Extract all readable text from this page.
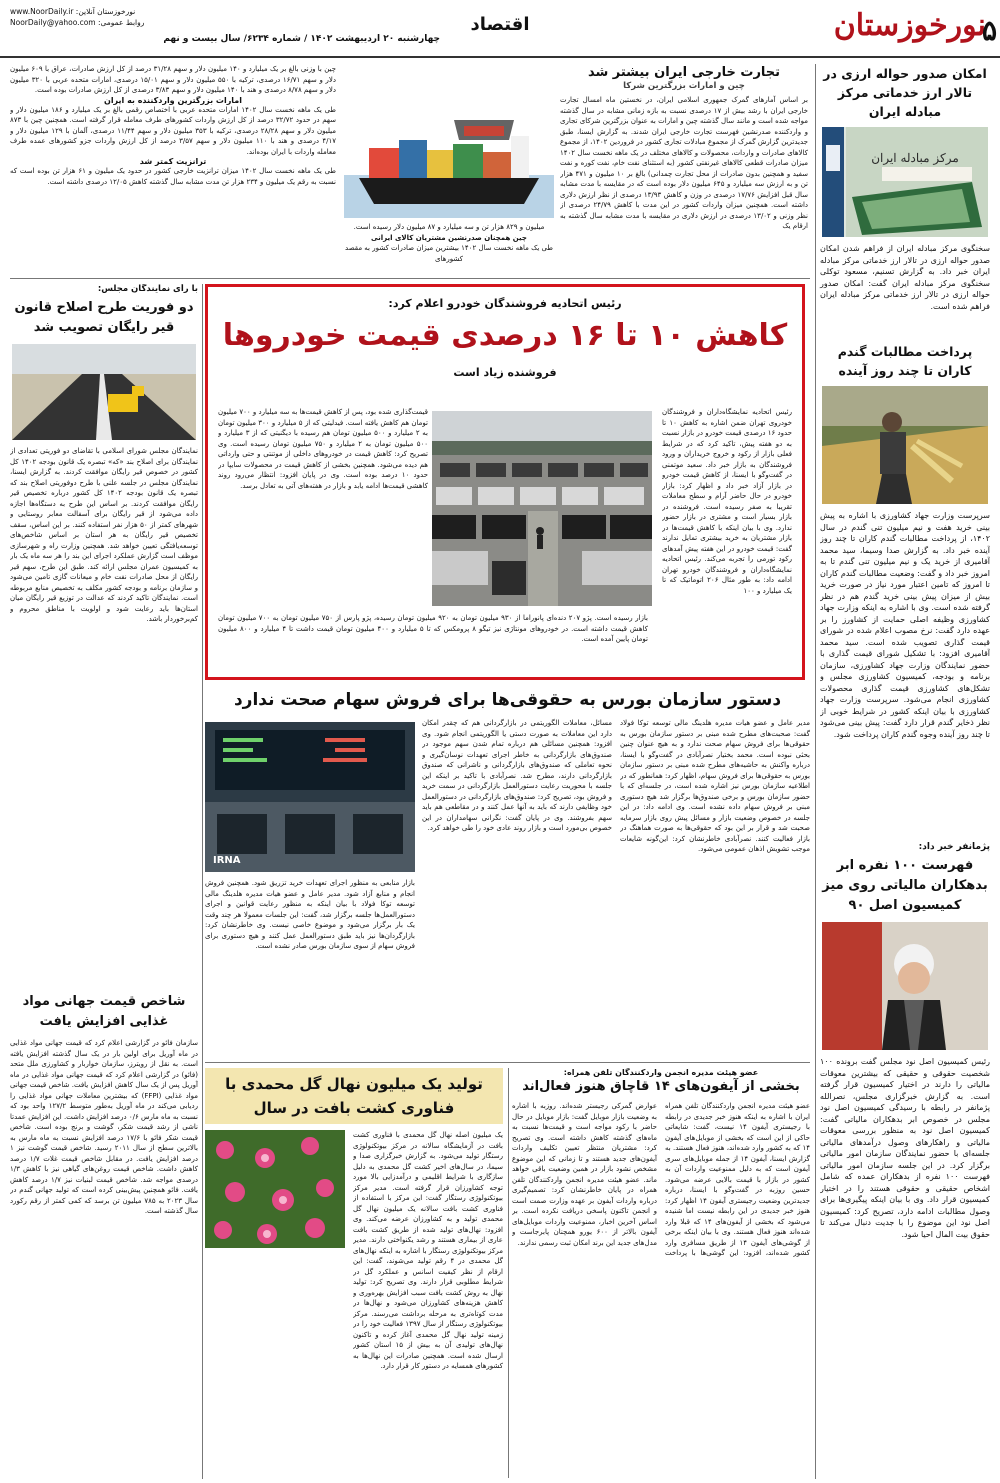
نورخوزستان
اقتصاد
چهارشنبه ۲۰ اردیبهشت ۱۴۰۲ / شماره ۶۲۳۴/ سال بیست و نهم
www.NoorDaily.ir :نورخوزستان آنلاین
NoorDaily@yahoo.com :روابط عمومی	۵
امکان صدور حواله ارزی در تالار ارز خدماتی مرکز مبادله ایران
مرکز مبادله ایران
سخنگوی مرکز مبادله ایران از فراهم شدن امکان صدور حواله ارزی در تالار ارز خدماتی مرکز مبادله ایران خبر داد. به گزارش تسنیم، مسعود توکلی سخنگوی مرکز مبادله ایران گفت: امکان صدور حواله ارزی در تالار ارز خدماتی مرکز مبادله ایران فراهم شده است.
تجارت خارجی ایران بیشتر شد
چین و امارات بزرگترین شرکا
بر اساس آمارهای گمرک جمهوری اسلامی ایران، در نخستین ماه امسال تجارت خارجی ایران با رشد بیش از ۱۷ درصدی نسبت به بازه زمانی مشابه در سال گذشته مواجه شده است و مانند سال گذشته چین و امارات به عنوان بزرگترین شرکای تجاری و واردکننده صدرنشین فهرست تجارت خارجی ایران شدند. به گزارش ایسنا، طبق جدیدترین گزارش گمرک از مجموع مبادلات تجاری کشور در فروردین ۱۴۰۲، از مجموع کالاهای صادرات و واردات، محصولات و کالاهای مختلف در یک ماهه نخست سال ۱۴۰۲ میزان صادرات قطعی کالاهای غیرنفتی کشور (به استثنای نفت خام، نفت کوره و نفت سفید و همچنین بدون صادرات از محل تجارت چمدانی) بالغ بر ۱۰ میلیون و ۴۷۱ هزار تن و به ارزش سه میلیارد و ۶۴۵ میلیون دلار بوده است که در مقایسه با مدت مشابه سال قبل افزایش ۱۷/۷۶ درصدی در وزن و کاهش ۱۳/۹۳ درصدی از نظر ارزش دلاری داشته است. همچنین میزان واردات کشور در این مدت با کاهش ۲۴/۷۹ درصدی از نظر وزنی و ۱۳/۰۲ درصدی در ارزش دلاری در مقایسه با مدت مشابه سال گذشته به ارقام یک
میلیون و ۸۲۹ هزار تن و سه میلیارد و ۸۷ میلیون دلار رسیده است.
چین همچنان صدرنشین مشتریان کالای ایرانی
طی یک ماهه نخست سال ۱۴۰۲ بیشترین میزان صادرات کشور به مقصد کشورهای
چین با وزنی بالغ بر یک میلیارد و ۱۴۰ میلیون دلار و سهم ۳۱/۲۸ درصد از کل ارزش صادرات، عراق با ۶۰۹ میلیون دلار و سهم ۱۶/۷۱ درصدی، ترکیه با ۵۵۰ میلیون دلار و سهم ۱۵/۰۱ درصدی، امارات متحده عربی با ۳۲۰ میلیون دلار و سهم ۸/۷۸ درصدی و هند با ۱۴۰ میلیون دلار و سهم ۳/۸۳ درصدی از کل ارزش صادرات بوده است.
امارات بزرگترین واردکننده به ایران
طی یک ماهه نخست سال ۱۴۰۲ امارات متحده عربی با اختصاص رقمی بالغ بر یک میلیارد و ۱۸۶ میلیون دلار و سهم در حدود ۳۲/۷۲ درصد از کل ارزش واردات کشورهای طرف معامله قرار گرفته است. همچنین چین با ۸۷۳ میلیون دلار و سهم ۲۸/۲۸ درصدی، ترکیه با ۳۵۳ میلیون دلار و سهم ۱۱/۴۴ درصدی، آلمان با ۱۲۹ میلیون دلار و ۴/۱۷ درصدی و هند با ۱۱۰ میلیون دلار و سهم ۳/۵۷ درصد از کل ارزش واردات جزو کشورهای عمده طرف معامله واردات با ایران بوده‌اند.
ترانزیت کمتر شد
طی یک ماهه نخست سال ۱۴۰۲ میزان ترانزیت خارجی کشور در حدود یک میلیون و ۶۱ هزار تن بوده است که نسبت به رقم یک میلیون و ۲۳۴ هزار تن مدت مشابه سال گذشته کاهش ۱۲/۰۵ درصدی داشته است.
پرداخت مطالبات گندم کاران تا چند روز آینده
سرپرست وزارت جهاد کشاورزی با اشاره به پیش بینی خرید هفت و نیم میلیون تنی گندم در سال ۱۴۰۲، از پرداخت مطالبات گندم کاران تا چند روز آینده خبر داد. به گزارش صدا وسیما، سید محمد آقامیری از خرید یک و نیم میلیون تنی گندم تا به امروز خبر داد و گفت: وضعیت مطالبات گندم کاران تا امروز که تامین اعتبار مورد نیاز در صورت خرید بیش از میزان پیش بینی خرید گندم هم در نظر گرفته شده است. وی با اشاره به اینکه وزارت جهاد کشاورزی وظیفه اصلی حمایت از کشاورز را بر عهده دارد گفت: نرخ مصوب اعلام شده در شورای قیمت گذاری تصویب شده است. سید محمد آقامیری افزود: با تشکیل شورای قیمت گذاری با حضور نمایندگان وزارت جهاد کشاورزی، سازمان برنامه و بودجه، کمیسیون کشاورزی مجلس و تشکل‌های کشاورزی قیمت گذاری محصولات کشاورزی انجام می‌شود. سرپرست وزارت جهاد کشاورزی با بیان اینکه کشور در شرایط خوبی از نظر ذخایر گندم قرار دارد گفت: پیش بینی می‌شود تا چند روز آینده وجوه گندم کاران پرداخت شود.
پژمانفر خبر داد:
فهرست ۱۰۰ نفره ابر بدهکاران مالیاتی روی میز کمیسیون اصل ۹۰
رئیس کمیسیون اصل نود مجلس گفت برونده ۱۰۰ شخصیت حقوقی و حقیقی که بیشترین معوقات مالیاتی را دارند در اختیار کمیسیون قرار گرفته است. به گزارش خبرگزاری مجلس، نصرالله پژمانفر در رابطه با رسیدگی کمیسیون اصل نود مجلس در خصوص ابر بدهکاران مالیاتی گفت: کمیسیون اصل نود به منظور بررسی معوقات مالیاتی و راهکارهای وصول درآمدهای مالیاتی جلسه‌ای با حضور نمایندگان سازمان امور مالیاتی برگزار کرد. در این جلسه سازمان امور مالیاتی فهرست ۱۰۰ نفره از بدهکاران عمده که شامل اشخاص حقیقی و حقوقی هستند را در اختیار کمیسیون قرار داد. وی با بیان اینکه پیگیری‌ها برای وصول مطالبات ادامه دارد، تصریح کرد: کمیسیون اصل نود این موضوع را با جدیت دنبال می‌کند تا حقوق بیت المال احیا شود.
رئیس اتحادیه فروشندگان خودرو اعلام کرد:
کاهش ۱۰ تا ۱۶ درصدی قیمت خودروها
فروشنده زیاد است
رئیس اتحادیه نمایشگاه‌داران و فروشندگان خودروی تهران ضمن اشاره به کاهش ۱۰ تا حدود ۱۶ درصدی قیمت خودرو در بازار نسبت به دو هفته پیش، تاکید کرد که در شرایط فعلی بازار از رکود و خروج خریداران و ورود فروشندگان به بازار خبر داد. سعید موتمنی در گفت‌وگو با ایسنا، از کاهش قیمت خودرو در بازار آزاد خبر داد و اظهار کرد: بازار خودرو در حال حاضر آرام و سطح معاملات تقریبا به صفر رسیده است. فروشنده در بازار بسیار است و مشتری در بازار حضور ندارد. وی با بیان اینکه با کاهش قیمت‌ها در بازار مشتریان به خرید بیشتری تمایل ندارند گفت: قیمت خودرو در این هفته پیش آمدهای رکود تورمی را تجربه می‌کند. رئیس اتحادیه نمایشگاه‌داران و فروشندگان خودرو تهران ادامه داد: به طور مثال ۲۰۶ اتوماتیک که تا یک میلیارد و ۱۰۰
قیمت‌گذاری شده بود، پس از کاهش قیمت‌ها به سه میلیارد و ۷۰۰ میلیون تومان هم کاهش یافته است. فیدلیتی که از ۵ میلیارد و ۳۰۰ میلیون تومان به ۲ میلیارد و ۵۰۰ میلیون تومان هم رسیده با دیگنیتی که از ۳ میلیارد و ۵۰۰ میلیون تومان به ۲ میلیارد و ۷۵۰ میلیون تومان رسیده است. وی تصریح کرد: کاهش قیمت در خودروهای داخلی از موتنتی و حتی وارداتی هم دیده می‌شود. همچنین بخشی از کاهش قیمت در محصولات سایپا در حدود ۱۰ درصد بوده است. وی در پایان افزود: انتظار می‌رود روند کاهشی قیمت‌ها ادامه یابد و بازار در هفته‌های آتی به تعادل برسد.
بازار رسیده است. پژو ۲۰۷ دنده‌ای پانوراما از ۹۳۰ میلیون تومان به ۹۲۰ میلیون تومان رسیده، پژو پارس از ۷۵۰ میلیون تومان به ۷۰۰ میلیون تومان کاهش قیمت داشته است. در خودروهای مونتاژی نیز تیگو ۸ پرومکس که تا ۵ میلیارد و ۴۰۰ میلیون تومان قیمت داشت تا ۴ میلیارد و ۸۰۰ میلیون تومان پایین آمده است.
با رأی نمایندگان مجلس:
دو فوریت طرح اصلاح قانون قیر رایگان تصویب شد
نمایندگان مجلس شورای اسلامی با تقاضای دو فوریتی تعدادی از نمایندگان برای اصلاح بند «که» تبصره یک قانون بودجه ۱۴۰۲ کل کشور در خصوص قیر رایگان موافقت کردند. به گزارش ایسنا، نمایندگان مجلس در جلسه علنی با طرح دوفوریتی اصلاح بند که تبصره یک قانون بودجه ۱۴۰۲ کل کشور درباره تخصیص قیر رایگان موافقت کردند. بر اساس این طرح به دستگاه‌ها اجازه داده می‌شود از قیر رایگان برای آسفالت معابر روستایی و شهرهای کمتر از ۵۰ هزار نفر استفاده کنند. بر این اساس، سقف تخصیص قیر رایگان به هر استان بر اساس شاخص‌های توسعه‌یافتگی تعیین خواهد شد. همچنین وزارت راه و شهرسازی موظف است گزارش عملکرد اجرای این بند را هر سه ماه یک بار به کمیسیون عمران مجلس ارائه کند. طبق این طرح، سهم قیر رایگان از محل صادرات نفت خام و میعانات گازی تامین می‌شود و سازمان برنامه و بودجه کشور مکلف به تخصیص منابع مربوطه است. نمایندگان تاکید کردند که عدالت در توزیع قیر رایگان میان استان‌ها باید رعایت شود و اولویت با مناطق محروم و کم‌برخوردار باشد.
شاخص قیمت جهانی مواد غذایی افزایش یافت
سازمان فائو در گزارشی اعلام کرد که قیمت جهانی مواد غذایی در ماه آوریل برای اولین بار در یک سال گذشته افزایش یافته است. به نقل از رویترز، سازمان خواربار و کشاورزی ملل متحد (فائو) در گزارشی اعلام کرد که قیمت جهانی مواد غذایی در ماه آوریل پس از یک سال کاهش افزایش یافت. شاخص قیمت جهانی مواد غذایی (FFPI) که بیشترین معاملات جهانی مواد غذایی را ردیابی می‌کند در ماه آوریل به‌طور متوسط ۱۲۷/۲ واحد بود که نسبت به ماه مارس ۰/۶ درصد افزایش داشت. این افزایش عمدتا ناشی از رشد قیمت شکر، گوشت و برنج بوده است. شاخص قیمت شکر فائو با ۱۷/۶ درصد افزایش نسبت به ماه مارس به بالاترین سطح از سال ۲۰۱۱ رسید. شاخص قیمت گوشت نیز ۱ درصد افزایش یافت. در مقابل شاخص قیمت غلات ۱/۷ درصد کاهش داشت. شاخص قیمت روغن‌های گیاهی نیز با کاهش ۱/۳ درصدی مواجه شد. شاخص قیمت لبنیات نیز ۱/۷ درصد کاهش یافت. فائو همچنین پیش‌بینی کرده است که تولید جهانی گندم در سال ۲۰۲۳ به ۷۸۵ میلیون تن برسد که کمی کمتر از رقم رکورد سال گذشته است.
دستور سازمان بورس به حقوقی‌ها برای فروش سهام صحت ندارد
مدیر عامل و عضو هیات مدیره هلدینگ مالی توسعه توکا فولاد گفت: صحبت‌های مطرح شده مبنی بر دستور سازمان بورس به حقوقی‌ها برای فروش سهام صحت ندارد و به هیچ عنوان چنین بحثی نبوده است. محمد بختیار نصرآبادی در گفت‌وگو با ایسنا، درباره واکنش به حاشیه‌های مطرح شده مبنی بر دستور سازمان بورس به حقوقی‌ها برای فروش سهام، اظهار کرد: همانطور که در اطلاعیه سازمان بورس نیز اشاره شده است، در جلسه‌ای که با حضور سازمان بورس و برخی صندوق‌ها برگزار شد هیچ دستوری مبنی بر فروش سهام داده نشده است. وی ادامه داد: در این جلسه در خصوص وضعیت بازار و مسائل پیش روی بازار سرمایه صحبت شد و قرار بر این بود که حقوقی‌ها به صورت هماهنگ در بازار فعالیت کنند. نصرآبادی خاطرنشان کرد: این‌گونه شایعات موجب تشویش اذهان عمومی می‌شود.
مسائل، معاملات الگوریتمی در بازارگردانی هم که چقدر امکان دارد این معاملات به صورت دستی یا الگوریتمی انجام شود. وی افزود: همچنین مسائلی هم درباره تمام شدن سهم موجود در صندوق‌های بازارگردانی به خاطر اجرای تعهدات نوسان‌گیری و نحوه تعاملی که صندوق‌های بازارگردانی و ناشرانی که صندوق بازارگردانی دارند، مطرح شد. نصرآبادی با تاکید بر اینکه این جلسه با محوریت رعایت دستورالعمل بازارگردانی در سمت خرید و فروش بود، تصریح کرد: صندوق‌های بازارگردانی در دستورالعمل خود وظایفی دارند که باید به آنها عمل کنند و در مقاطعی هم باید سهم بفروشند. وی در پایان گفت: نگرانی سهامداران در این خصوص بی‌مورد است و بازار روند عادی خود را طی خواهد کرد.
IRNA
بازار منابعی به منظور اجرای تعهدات خرید تزریق شود. همچنین فروش انجام و منابع آزاد شود. مدیر عامل و عضو هیات مدیره هلدینگ مالی توسعه توکا فولاد با بیان اینکه به منظور رعایت قوانین و اجرای دستورالعمل‌ها جلسه برگزار شد، گفت: این جلسات معمولا هر چند وقت یک بار برگزار می‌شود و موضوع خاصی نیست. وی خاطرنشان کرد: بازارگردان‌ها نیز باید طبق دستورالعمل عمل کنند و هیچ دستوری برای فروش سهام از سوی سازمان بورس صادر نشده است.
عضو هیئت مدیره انجمن واردکنندگان تلفن همراه:
بخشی از آیفون‌های ۱۴ قاچاق هنوز فعال‌اند
عضو هیئت مدیره انجمن واردکنندگان تلفن همراه ایران با اشاره به اینکه هنوز خبر جدیدی در رابطه با رجیستری آیفون ۱۴ نیست، گفت: شایعاتی حاکی از این است که بخشی از موبایل‌های آیفون ۱۴ که به کشور وارد شده‌اند، هنوز فعال هستند. به گزارش ایسنا، آیفون ۱۴ از جمله موبایل‌های سری آیفون است که به دلیل ممنوعیت واردات آن به کشور در بازار با قیمت بالایی عرضه می‌شود. حسین روزبه در گفت‌وگو با ایسنا، درباره جدیدترین وضعیت رجیستری آیفون ۱۴ اظهار کرد: هنوز خبر جدیدی در این رابطه نیست اما شنیده می‌شود که بخشی از آیفون‌های ۱۴ که قبلا وارد شده‌اند هنوز فعال هستند. وی با بیان اینکه برخی از گوشی‌های آیفون ۱۴ از طریق مسافری وارد کشور شده‌اند، افزود: این گوشی‌ها با پرداخت عوارض گمرکی رجیستر شده‌اند. روزبه با اشاره به وضعیت بازار موبایل گفت: بازار موبایل در حال حاضر با رکود مواجه است و قیمت‌ها نسبت به ماه‌های گذشته کاهش داشته است. وی تصریح کرد: مشتریان منتظر تعیین تکلیف واردات آیفون‌های جدید هستند و تا زمانی که این موضوع مشخص نشود بازار در همین وضعیت باقی خواهد ماند. عضو هیئت مدیره انجمن واردکنندگان تلفن همراه در پایان خاطرنشان کرد: تصمیم‌گیری درباره واردات آیفون بر عهده وزارت صمت است و انجمن تاکنون پاسخی دریافت نکرده است. بر اساس آخرین اخبار، ممنوعیت واردات موبایل‌های آیفون بالاتر از ۶۰۰ یورو همچنان پابرجاست و مدل‌های جدید این برند امکان ثبت رسمی ندارند.
تولید یک میلیون نهال گل محمدی با فناوری کشت بافت در سال
یک میلیون اصله نهال گل محمدی با فناوری کشت بافت در آزمایشگاه سالانه در مرکز بیوتکنولوژی رستگار تولید می‌شود. به گزارش خبرگزاری صدا و سیما، در سال‌های اخیر کشت گل محمدی به دلیل سازگاری با شرایط اقلیمی و درآمدزایی بالا مورد توجه کشاورزان قرار گرفته است. مدیر مرکز بیوتکنولوژی رستگار گفت: این مرکز با استفاده از فناوری کشت بافت سالانه یک میلیون نهال گل محمدی تولید و به کشاورزان عرضه می‌کند. وی افزود: نهال‌های تولید شده از طریق کشت بافت عاری از بیماری هستند و رشد یکنواختی دارند. مدیر مرکز بیوتکنولوژی رستگار با اشاره به اینکه نهال‌های گل محمدی در ۴ رقم تولید می‌شوند، گفت: این ارقام از نظر کیفیت اسانس و عملکرد گل در شرایط مطلوبی قرار دارند. وی تصریح کرد: تولید نهال به روش کشت بافت سبب افزایش بهره‌وری و کاهش هزینه‌های کشاورزان می‌شود و نهال‌ها در مدت کوتاه‌تری به مرحله برداشت می‌رسند. مرکز بیوتکنولوژی رستگار از سال ۱۳۹۷ فعالیت خود را در زمینه تولید نهال گل محمدی آغاز کرده و تاکنون نهال‌های تولیدی آن به بیش از ۱۵ استان کشور ارسال شده است. همچنین صادرات این نهال‌ها به کشورهای همسایه در دستور کار قرار دارد.
